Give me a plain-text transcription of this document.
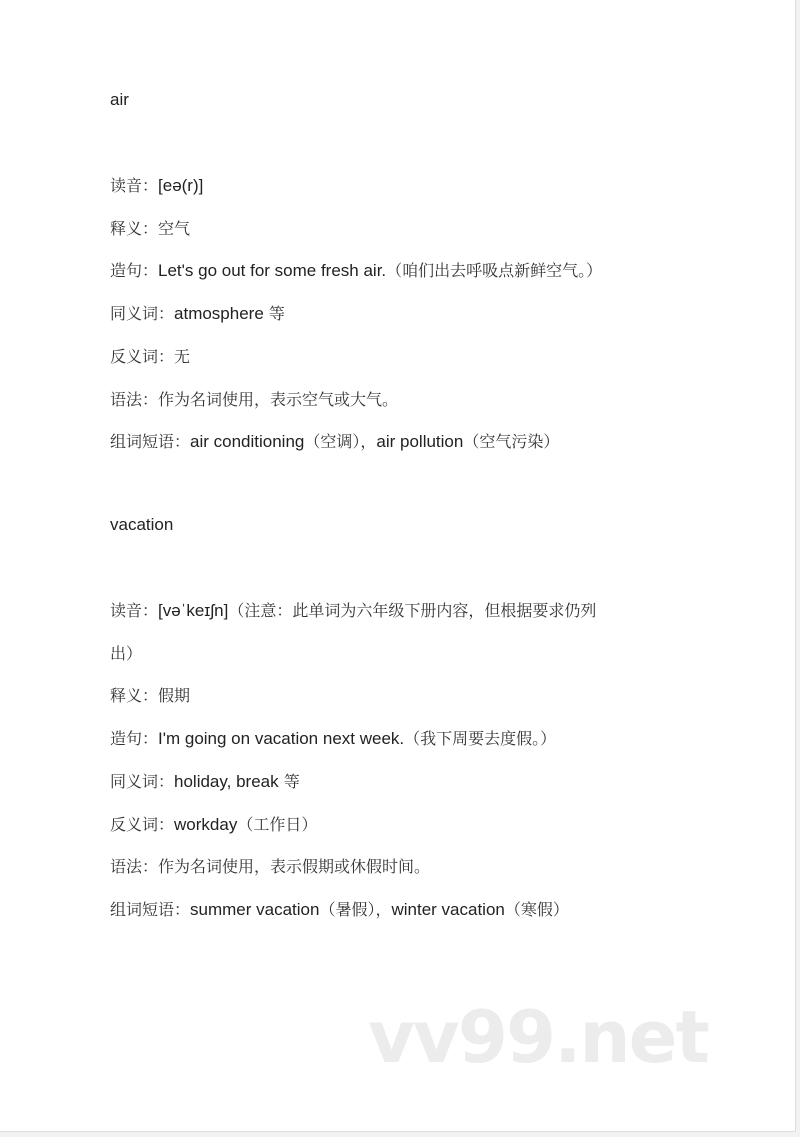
air
读音：[eə(r)]
释义：空气
造句：Let's go out for some fresh air.（咱们出去呼吸点新鲜空气。）
同义词：atmosphere 等
反义词：无
语法：作为名词使用，表示空气或大气。
组词短语：air conditioning（空调），air pollution（空气污染）
vacation
读音：[vəˈkeɪʃn]（注意：此单词为六年级下册内容，但根据要求仍列
出）
释义：假期
造句：I'm going on vacation next week.（我下周要去度假。）
同义词：holiday, break 等
反义词：workday（工作日）
语法：作为名词使用，表示假期或休假时间。
组词短语：summer vacation（暑假），winter vacation（寒假）
vv99.net
